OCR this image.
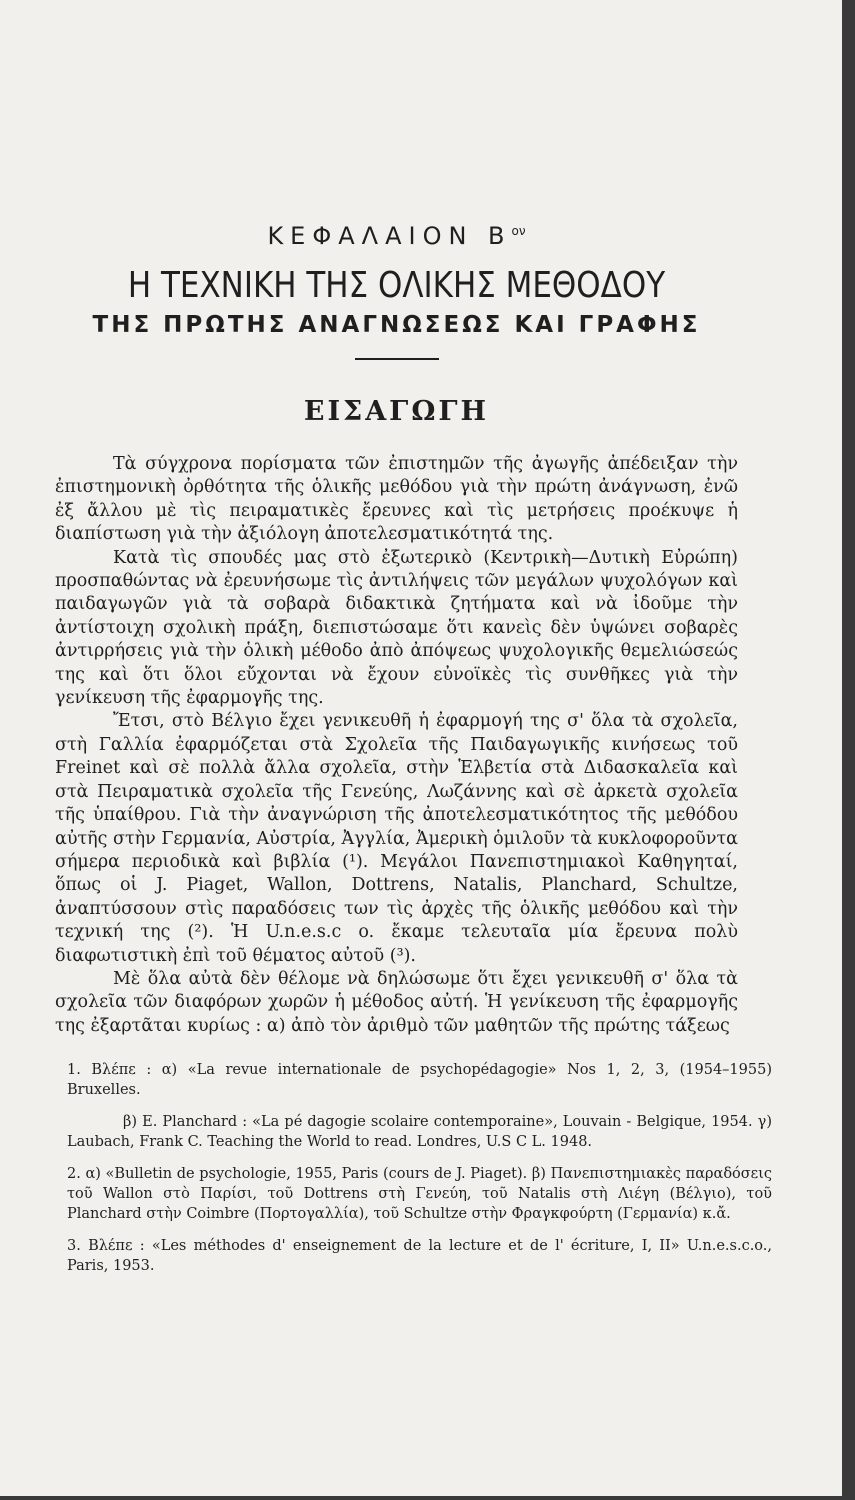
ΚΕΦΑΛΑΙΟΝ $B^{o\nu}$
Η ΤΕΧΝΙΚΗ ΤΗΣ ΟΛΙΚΗΣ ΜΕΘΟΔΟΥ
ΤΗΣ ΠΡΩΤΗΣ ΑΝΑΓΝΩΣΕΩΣ ΚΑΙ ΓΡΑΦΗΣ
ΕΙΣΑΓΩΓΗ

Τὰ σύγχρονα πορίσματα τῶν ἐπιστημῶν τῆς ἀγωγῆς ἀπέδειξαν τὴν ἐπιστημονικὴ ὀρθότητα τῆς ὁλικῆς μεθόδου γιὰ τὴν πρώτη ἀνάγνωση, ἐνῶ ἐξ ἄλλου μὲ τὶς πειραματικὲς ἔρευνες καὶ τὶς μετρήσεις προέκυψε ἡ διαπίστωση γιὰ τὴν ἀξιόλογη ἀποτελεσματικότητά της.

Κατὰ τὶς σπουδές μας στὸ ἐξωτερικὸ (Κεντρικὴ—Δυτικὴ Εὐρώπη) προσπαθώντας νὰ ἐρευνήσωμε τὶς ἀντιλήψεις τῶν μεγάλων ψυχολόγων καὶ παιδαγωγῶν γιὰ τὰ σοβαρὰ διδακτικὰ ζητήματα καὶ νὰ ἰδοῦμε τὴν ἀντίστοιχη σχολικὴ πράξη, διεπιστώσαμε ὅτι κανεὶς δὲν ὑψώνει σοβαρὲς ἀντιρρήσεις γιὰ τὴν ὁλικὴ μέθοδο ἀπὸ ἀπόψεως ψυχολογικῆς θεμελιώσεώς της καὶ ὅτι ὅλοι εὔχονται νὰ ἔχουν εὐνοϊκὲς τὶς συνθῆκες γιὰ τὴν γενίκευση τῆς ἐφαρμογῆς της.

Ἔτσι, στὸ Βέλγιο ἔχει γενικευθῆ ἡ ἐφαρμογή της σ' ὅλα τὰ σχολεῖα, στὴ Γαλλία ἐφαρμόζεται στὰ Σχολεῖα τῆς Παιδαγωγικῆς κινήσεως τοῦ Freinet καὶ σὲ πολλὰ ἄλλα σχολεῖα, στὴν Ἑλβετία στὰ Διδασκαλεῖα καὶ στὰ Πειραματικὰ σχολεῖα τῆς Γενεύης, Λωζάννης καὶ σὲ ἀρκετὰ σχολεῖα τῆς ὑπαίθρου. Γιὰ τὴν ἀναγνώριση τῆς ἀποτελεσματικότητος τῆς μεθόδου αὐτῆς στὴν Γερμανία, Αὐστρία, Ἀγγλία, Ἀμερικὴ ὁμιλοῦν τὰ κυκλοφοροῦντα σήμερα περιοδικὰ καὶ βιβλία (¹). Μεγάλοι Πανεπιστημιακοὶ Καθηγηταί, ὅπως οἱ J. Piaget, Wallon, Dottrens, Natalis, Planchard, Schultze, ἀναπτύσσουν στὶς παραδόσεις των τὶς ἀρχὲς τῆς ὁλικῆς μεθόδου καὶ τὴν τεχνική της (²). Ἡ U.n.e.s.c o. ἔκαμε τελευταῖα μία ἔρευνα πολὺ διαφωτιστικὴ ἐπὶ τοῦ θέματος αὐτοῦ (³).

Μὲ ὅλα αὐτὰ δὲν θέλομε νὰ δηλώσωμε ὅτι ἔχει γενικευθῆ σ' ὅλα τὰ σχολεῖα τῶν διαφόρων χωρῶν ἡ μέθοδος αὐτή. Ἡ γενίκευση τῆς ἐφαρμογῆς της ἐξαρτᾶται κυρίως : α) ἀπὸ τὸν ἀριθμὸ τῶν μαθητῶν τῆς πρώτης τάξεως

1. Βλέπε : α) «La revue internationale de psychopédagogie» Nos 1, 2, 3, (1954–1955) Bruxelles.

β) E. Planchard : «La pé dagogie scolaire contemporaine», Louvain - Belgique, 1954. γ) Laubach, Frank C. Teaching the World to read. Londres, U.S C L. 1948.

2. α) «Bulletin de psychologie, 1955, Paris (cours de J. Piaget). β) Πανεπιστημιακὲς παραδόσεις τοῦ Wallon στὸ Παρίσι, τοῦ Dottrens στὴ Γενεύη, τοῦ Natalis στὴ Λιέγη (Βέλγιο), τοῦ Planchard στὴν Coimbre (Πορτογαλλία), τοῦ Schultze στὴν Φραγκφούρτη (Γερμανία) κ.ἄ.

3. Βλέπε : «Les méthodes d' enseignement de la lecture et de l' écriture, I, II» U.n.e.s.c.o., Paris, 1953.
